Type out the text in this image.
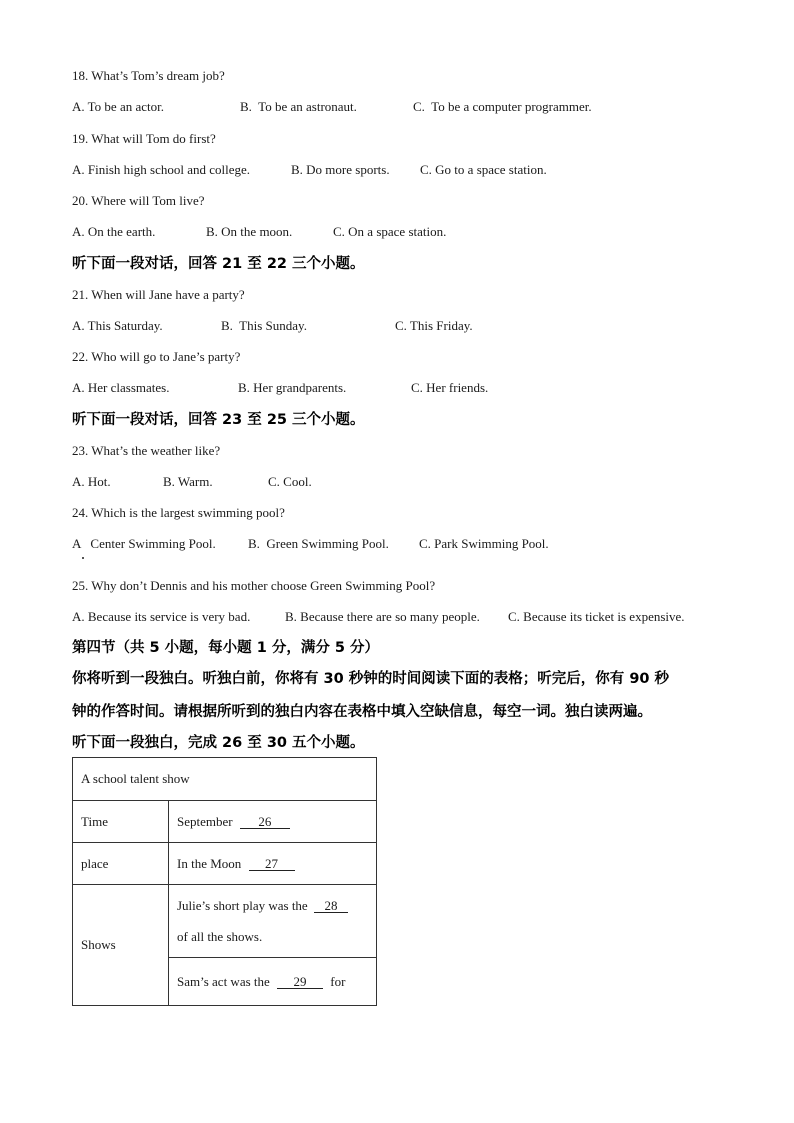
18. What’s Tom’s dream job?
A. To be an actor.	B.  To be an astronaut.	C.  To be a computer programmer.
19. What will Tom do first?
A. Finish high school and college.	B. Do more sports. C. Go to a space station.
20. Where will Tom live?
A. On the earth.	B. On the moon.	C. On a space station.
听下面一段对话，回答 21 至 22 三个小题。
21. When will Jane have a party?
A. This Saturday.	B.  This Sunday.	C. This Friday.
22. Who will go to Jane’s party?
A. Her classmates.	B. Her grandparents.	C. Her friends.
听下面一段对话，回答 23 至 25 三个小题。
23. What’s the weather like?
A. Hot.	B. Warm.	C. Cool.
24. Which is the largest swimming pool?
A   Center Swimming Pool. B.  Green Swimming Pool. C. Park Swimming Pool.
25. Why don’t Dennis and his mother choose Green Swimming Pool?
A. Because its service is very bad.	B. Because there are so many people. C. Because its ticket is expensive.
第四节（共 5 小题，每小题 1 分，满分 5 分）
你将听到一段独白。听独白前，你将有 30 秒钟的时间阅读下面的表格；听完后，你有 90 秒
钟的作答时间。请根据所听到的独白内容在表格中填入空缺信息，每空一词。独白读两遍。
听下面一段独白，完成 26 至 30 五个小题。
A school talent show	
Time	September 26
place	In the Moon 27
Shows	Julie’s short play was the 28
of all the shows.
	Sam’s act was the 29 for
